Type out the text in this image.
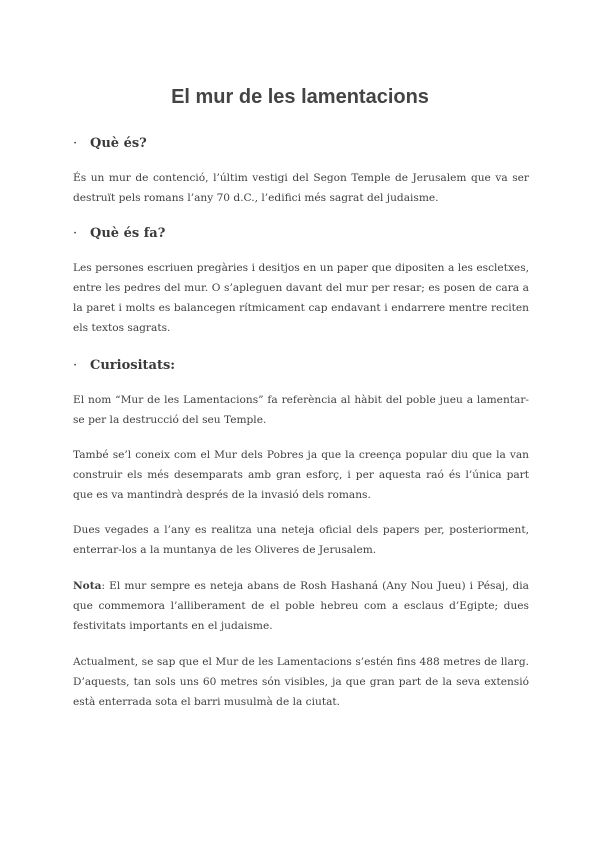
El mur de les lamentacions
· Què és?

És un mur de contenció, l’últim vestigi del Segon Temple de Jerusalem que va ser destruït pels romans l’any 70 d.C., l’edifici més sagrat del judaisme.

· Què és fa?

Les persones escriuen pregàries i desitjos en un paper que dipositen a les escletxes, entre les pedres del mur. O s’apleguen davant del mur per resar; es posen de cara a la paret i molts es balancegen rítmicament cap endavant i endarrere mentre reciten els textos sagrats.

· Curiositats:

El nom “Mur de les Lamentacions” fa referència al hàbit del poble jueu a lamentar-se per la destrucció del seu Temple.

També se’l coneix com el Mur dels Pobres ja que la creença popular diu que la van construir els més desemparats amb gran esforç, i per aquesta raó és l’única part que es va mantindrà després de la invasió dels romans.

Dues vegades a l’any es realitza una neteja oficial dels papers per, posteriorment, enterrar-los a la muntanya de les Oliveres de Jerusalem.

Nota: El mur sempre es neteja abans de Rosh Hashaná (Any Nou Jueu) i Pésaj, dia que commemora l’alliberament de el poble hebreu com a esclaus d’Egipte; dues festivitats importants en el judaisme.

Actualment, se sap que el Mur de les Lamentacions s’estén fins 488 metres de llarg. D’aquests, tan sols uns 60 metres són visibles, ja que gran part de la seva extensió està enterrada sota el barri musulmà de la ciutat.
